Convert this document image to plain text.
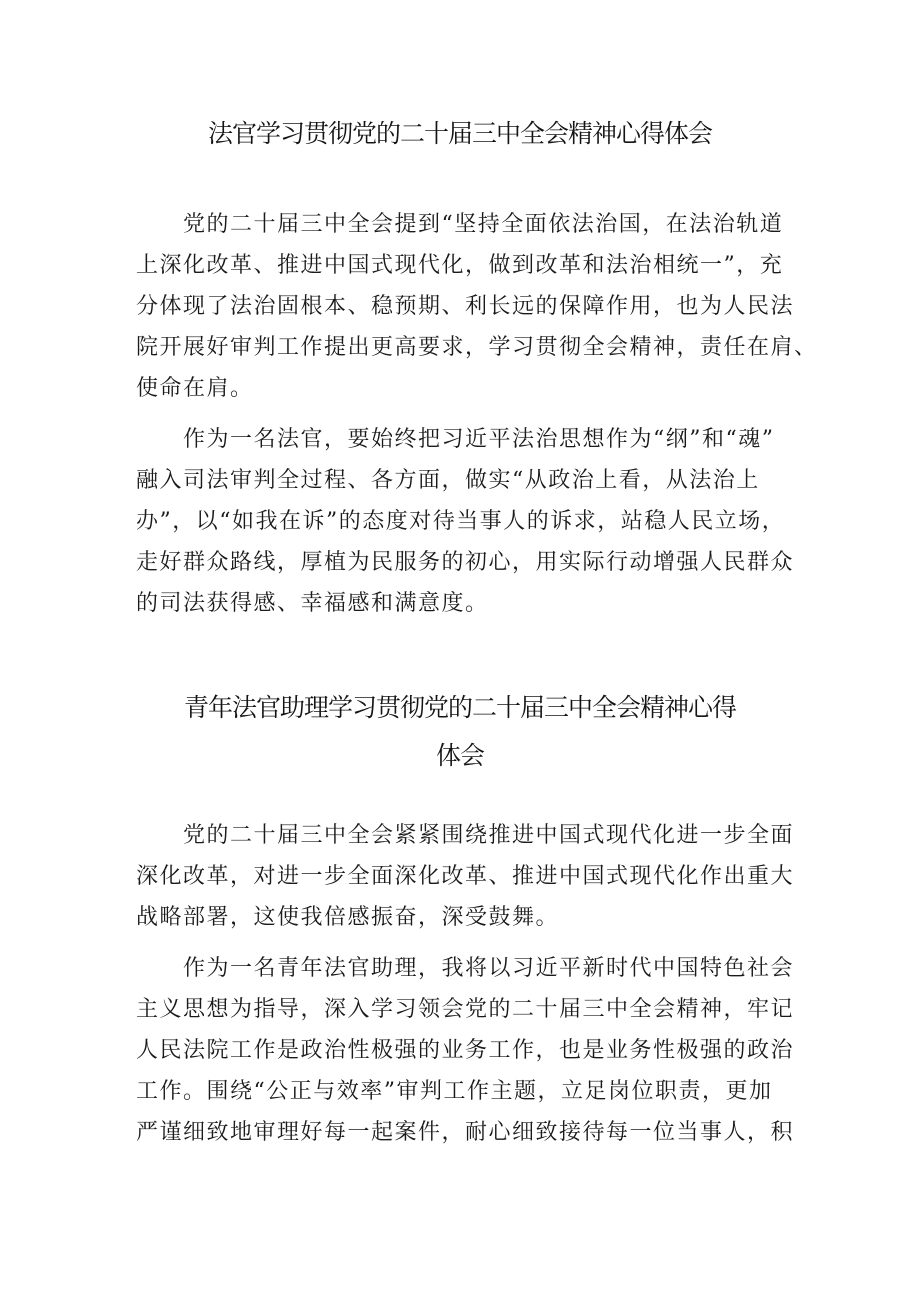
法官学习贯彻党的二十届三中全会精神心得体会

　　党的二十届三中全会提到“坚持全面依法治国，在法治轨道
上深化改革、推进中国式现代化，做到改革和法治相统一”，充
分体现了法治固根本、稳预期、利长远的保障作用，也为人民法
院开展好审判工作提出更高要求，学习贯彻全会精神，责任在肩、
使命在肩。

　　作为一名法官，要始终把习近平法治思想作为“纲”和“魂”
融入司法审判全过程、各方面，做实“从政治上看，从法治上
办”，以“如我在诉”的态度对待当事人的诉求，站稳人民立场，
走好群众路线，厚植为民服务的初心，用实际行动增强人民群众
的司法获得感、幸福感和满意度。

青年法官助理学习贯彻党的二十届三中全会精神心得
体会

　　党的二十届三中全会紧紧围绕推进中国式现代化进一步全面
深化改革，对进一步全面深化改革、推进中国式现代化作出重大
战略部署，这使我倍感振奋，深受鼓舞。

　　作为一名青年法官助理，我将以习近平新时代中国特色社会
主义思想为指导，深入学习领会党的二十届三中全会精神，牢记
人民法院工作是政治性极强的业务工作，也是业务性极强的政治
工作。围绕“公正与效率”审判工作主题，立足岗位职责，更加
严谨细致地审理好每一起案件，耐心细致接待每一位当事人，积
